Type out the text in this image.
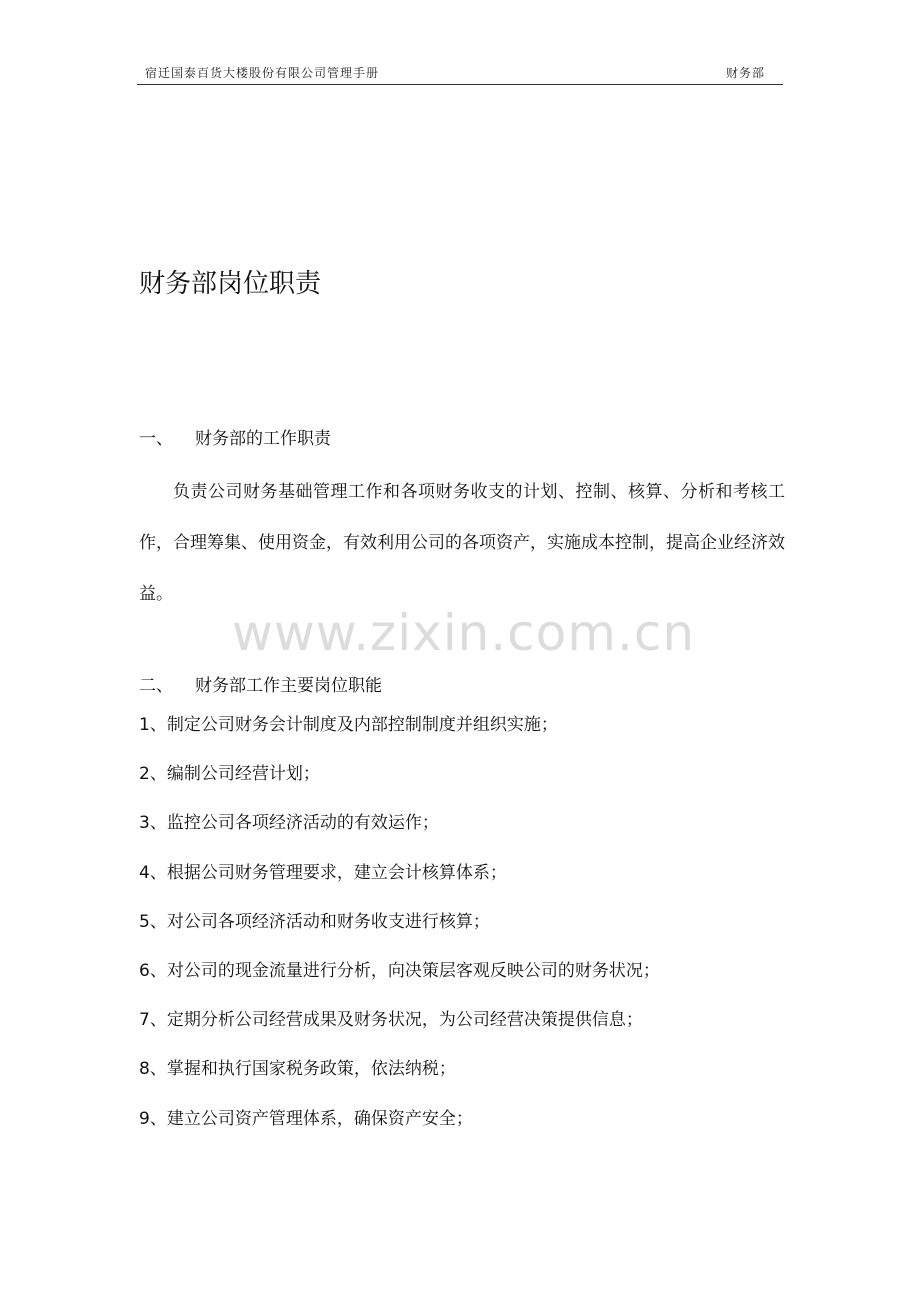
宿迁国泰百货大楼股份有限公司管理手册	财务部
财务部岗位职责
一、 财务部的工作职责

负责公司财务基础管理工作和各项财务收支的计划、控制、核算、分析和考核工作，合理筹集、使用资金，有效利用公司的各项资产，实施成本控制，提高企业经济效益。

www.zixin.com.cn
二、 财务部工作主要岗位职能
1、制定公司财务会计制度及内部控制制度并组织实施；
2、编制公司经营计划；
3、监控公司各项经济活动的有效运作；
4、根据公司财务管理要求，建立会计核算体系；
5、对公司各项经济活动和财务收支进行核算；
6、对公司的现金流量进行分析，向决策层客观反映公司的财务状况；
7、定期分析公司经营成果及财务状况，为公司经营决策提供信息；
8、掌握和执行国家税务政策，依法纳税；
9、建立公司资产管理体系，确保资产安全；
